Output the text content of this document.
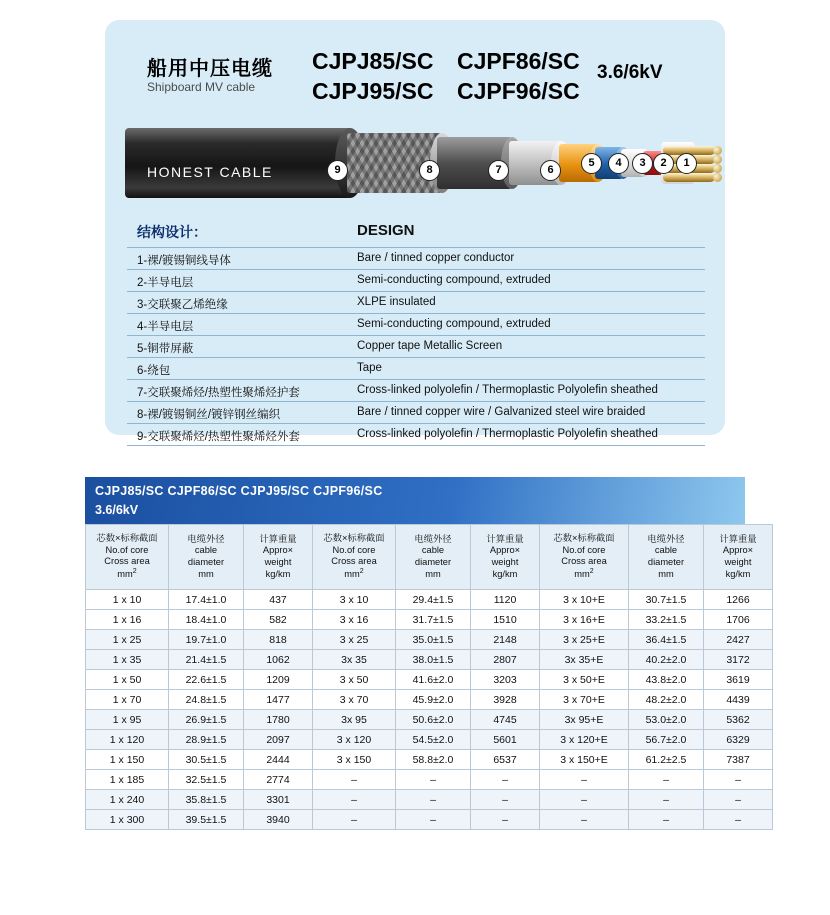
船用中压电缆
Shipboard MV cable
CJPJ85/SC
CJPJ95/SC
CJPF86/SC
CJPF96/SC
3.6/6kV
HONEST CABLE	9	8	7	6
5	4	3	2	1
结构设计：	DESIGN
1-裸/镀锡铜线导体	Bare / tinned copper conductor
2-半导电层	Semi-conducting compound, extruded
3-交联聚乙烯绝缘	XLPE insulated
4-半导电层	Semi-conducting compound, extruded
5-铜带屏蔽	Copper tape Metallic Screen
6-绕包	Tape
7-交联聚烯烃/热塑性聚烯烃护套	Cross-linked polyolefin / Thermoplastic Polyolefin sheathed
8-裸/镀锡铜丝/镀锌钢丝编织	Bare / tinned copper wire / Galvanized steel wire braided
9-交联聚烯烃/热塑性聚烯烃外套	Cross-linked polyolefin / Thermoplastic Polyolefin sheathed
CJPJ85/SC CJPF86/SC CJPJ95/SC CJPF96/SC
3.6/6kV
芯数×标称截面
No.of core
Cross area
$mm^2$

电缆外径
cable
diameter
mm

计算重量
Appro×
weight
kg/km

芯数×标称截面
No.of core
Cross area
$mm^2$

电缆外径
cable
diameter
mm

计算重量
Appro×
weight
kg/km

芯数×标称截面
No.of core
Cross area
$mm^2$

电缆外径
cable
diameter
mm

计算重量
Appro×
weight
kg/km

1 x 10	17.4±1.0	437	3 x 10	29.4±1.5	1120	3 x 10+E	30.7±1.5	1266
1 x 16	18.4±1.0	582	3 x 16	31.7±1.5	1510	3 x 16+E	33.2±1.5	1706
1 x 25	19.7±1.0	818	3 x 25	35.0±1.5	2148	3 x 25+E	36.4±1.5	2427
1 x 35	21.4±1.5	1062	3x 35	38.0±1.5	2807	3x 35+E	40.2±2.0	3172
1 x 50	22.6±1.5	1209	3 x 50	41.6±2.0	3203	3 x 50+E	43.8±2.0	3619
1 x 70	24.8±1.5	1477	3 x 70	45.9±2.0	3928	3 x 70+E	48.2±2.0	4439
1 x 95	26.9±1.5	1780	3x 95	50.6±2.0	4745	3x 95+E	53.0±2.0	5362
1 x 120	28.9±1.5	2097	3 x 120	54.5±2.0	5601	3 x 120+E	56.7±2.0	6329
1 x 150	30.5±1.5	2444	3 x 150	58.8±2.0	6537	3 x 150+E	61.2±2.5	7387
1 x 185	32.5±1.5	2774	–	–	–	–	–	–
1 x 240	35.8±1.5	3301	–	–	–	–	–	–
1 x 300	39.5±1.5	3940	–	–	–	–	–	–
